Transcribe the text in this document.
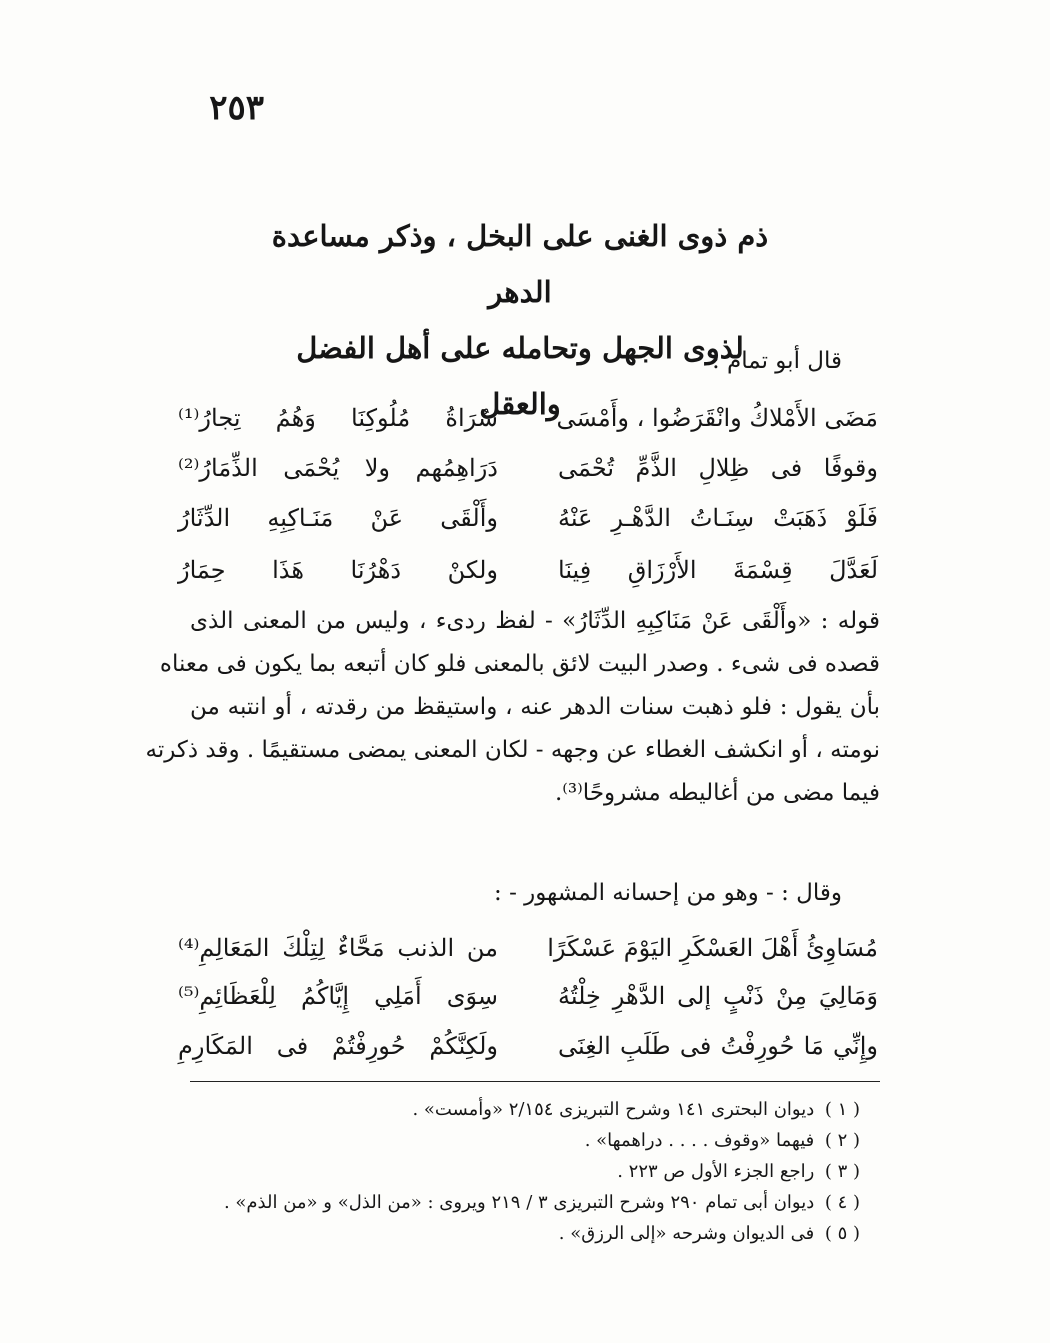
٢٥٣
ذم ذوى الغنى على البخل ، وذكر مساعدة الدهر
لذوى الجهل وتحامله على أهل الفضل والعقل
قال أبو تمام :
مَضَى الأَمْلاكُ وانْقَرَضُوا ، وأَمْسَى
سُرَاةُ مُلُوكِنَا وَهُمُ تِجارُ⁽¹⁾
وقوفًا فى ظِلالِ الذَّمِّ تُحْمَى
دَرَاهِمُهم ولا يُحْمَى الذِّمَارُ⁽²⁾
فَلَوْ ذَهَبَتْ سِنَـاتُ الدَّهْـرِ عَنْهُ
وأَلْقَى عَنْ مَنَـاكِبِهِ الدِّثَارُ
لَعَدَّلَ قِسْمَةَ الأَرْزَاقِ فِينَا
ولكنْ دَهْرُنَا هَذَا حِمَارُ
قوله : «وأَلْقَى عَنْ مَنَاكِبِهِ الدِّثَارُ» - لفظ ردىء ، وليس من المعنى الذى
قصده فى شىء . وصدر البيت لائق بالمعنى فلو كان أتبعه بما يكون فى معناه
بأن يقول : فلو ذهبت سنات الدهر عنه ، واستيقظ من رقدته ، أو انتبه من
نومته ، أو انكشف الغطاء عن وجهه - لكان المعنى يمضى مستقيمًا . وقد ذكرته
فيما مضى من أغاليطه مشروحًا⁽³⁾.
وقال : - وهو من إحسانه المشهور - :
مُسَاوِئُ أَهْلَ العَسْكَرِ اليَوْمَ عَسْكَرًا
من الذنب مَحَّاءٌ لِتِلْكَ المَعَالِمِ⁽⁴⁾
وَمَالِيَ مِنْ ذَنْبٍ إلى الدَّهْرِ خِلْتُهُ
سِوَى أَمَلِي إِيَّاكُمُ لِلْعَظَائِمِ⁽⁵⁾
وإِنِّي مَا حُورِفْتُ فى طَلَبِ الغِنَى
ولَكِنَّكُمْ حُورِفْتُمْ فى المَكَارِمِ
( ١ ) ديوان البحترى ١٤١ وشرح التبريزى ٢/١٥٤ «وأمست» .
( ٢ ) فيهما «وقوف . . . . دراهمها» .
( ٣ ) راجع الجزء الأول ص ٢٢٣ .
( ٤ ) ديوان أبى تمام ٢٩٠ وشرح التبريزى ٣ / ٢١٩ ويروى : «من الذل» و «من الذم» .
( ٥ ) فى الديوان وشرحه «إلى الرزق» .
